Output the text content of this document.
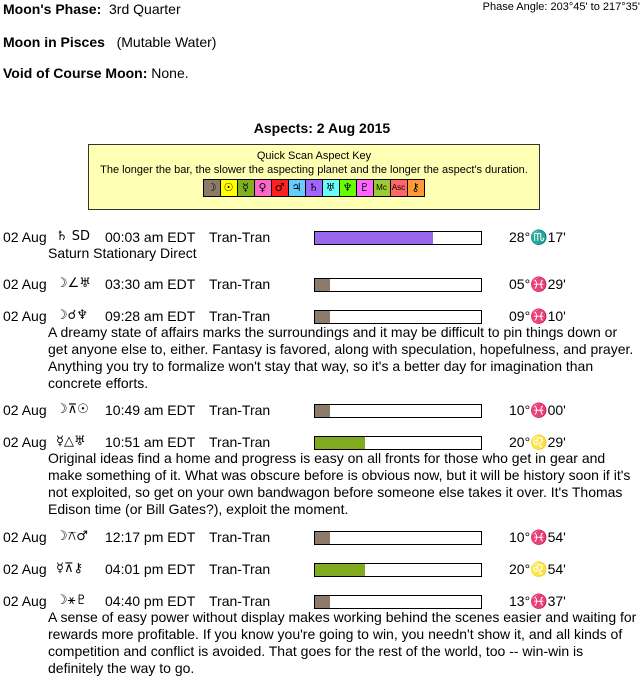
Moon's Phase: 3rd Quarter	Phase Angle: 203°45' to 217°35'
Moon in Pisces (Mutable Water)
Void of Course Moon: None.
Aspects: 2 Aug 2015
Quick Scan Aspect Key
The longer the bar, the slower the aspecting planet and the longer the aspect's duration.
☽ ☉ ☿ ♀ ♂ ♃ ♄ ♅ ♆ ♇ Mc Asc ⚷
02 Aug ♄ SD 00:03 am EDT Tran-Tran	28°♏17'
Saturn Stationary Direct
02 Aug ☽∠♅ 03:30 am EDT Tran-Tran	05°♓29'
02 Aug ☽☌♆ 09:28 am EDT Tran-Tran	09°♓10'
A dreamy state of affairs marks the surroundings and it may be difficult to pin things down or get anyone else to, either. Fantasy is favored, along with speculation, hopefulness, and prayer. Anything you try to formalize won't stay that way, so it's a better day for imagination than concrete efforts.
02 Aug ☽⊼☉ 10:49 am EDT Tran-Tran	10°♓00'
02 Aug ☿△♅ 10:51 am EDT Tran-Tran	20°♌29'
Original ideas find a home and progress is easy on all fronts for those who get in gear and make something of it. What was obscure before is obvious now, but it will be history soon if it's not exploited, so get on your own bandwagon before someone else takes it over. It's Thomas Edison time (or Bill Gates?), exploit the moment.
02 Aug ☽⚻♂ 12:17 pm EDT Tran-Tran	10°♓54'
02 Aug ☿⊼⚷ 04:01 pm EDT Tran-Tran	20°♌54'
02 Aug ☽⚹♇ 04:40 pm EDT Tran-Tran	13°♓37'
A sense of easy power without display makes working behind the scenes easier and waiting for rewards more profitable. If you know you're going to win, you needn't show it, and all kinds of competition and conflict is avoided. That goes for the rest of the world, too -- win-win is definitely the way to go.
